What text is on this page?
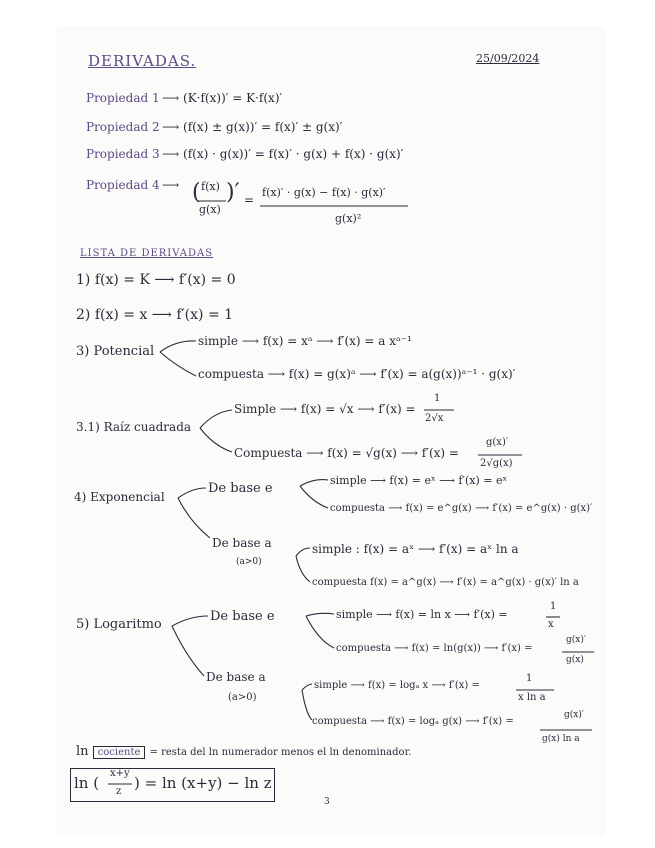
DERIVADAS.	25/09/2024
Propiedad 1 ⟶ (K·f(x))′ = K·f(x)′
Propiedad 2 ⟶ (f(x) ± g(x))′ = f(x)′ ± g(x)′
Propiedad 3 ⟶ (f(x) · g(x))′ = f(x)′ · g(x) + f(x) · g(x)′
Propiedad 4 ⟶ ( f(x)
g(x)
)′ =
f(x)′ · g(x) − f(x) · g(x)′
g(x)²
LISTA DE DERIVADAS
1) f(x) = K ⟶ f′(x) = 0
2) f(x) = x ⟶ f′(x) = 1
3) Potencial
simple ⟶ f(x) = xᵃ ⟶ f′(x) = a xᵃ⁻¹
compuesta ⟶ f(x) = g(x)ᵃ ⟶ f′(x) = a(g(x))ᵃ⁻¹ · g(x)′
3.1) Raíz cuadrada
Simple ⟶ f(x) = √x ⟶ f′(x) =
1
2√x
Compuesta ⟶ f(x) = √g(x) ⟶ f′(x) =
g(x)′
2√g(x)
4) Exponencial
De base e
simple ⟶ f(x) = eˣ ⟶ f′(x) = eˣ
compuesta ⟶ f(x) = e^g(x) ⟶ f′(x) = e^g(x) · g(x)′
De base a
(a>0)
simple : f(x) = aˣ ⟶ f′(x) = aˣ ln a
compuesta f(x) = a^g(x) ⟶ f′(x) = a^g(x) · g(x)′ ln a
5) Logaritmo
De base e	simple ⟶ f(x) = ln x ⟶ f′(x) =
1
x
compuesta ⟶ f(x) = ln(g(x)) ⟶ f′(x) =
g(x)′
g(x)
De base a
(a>0)
simple ⟶ f(x) = logₐ x ⟶ f′(x) =
1
x ln a
compuesta ⟶ f(x) = logₐ g(x) ⟶ f′(x) =
g(x)′
g(x) ln a
ln cociente = resta del ln numerador menos el ln denominador.
ln (
x+y
z ) = ln (x+y) − ln z
3
